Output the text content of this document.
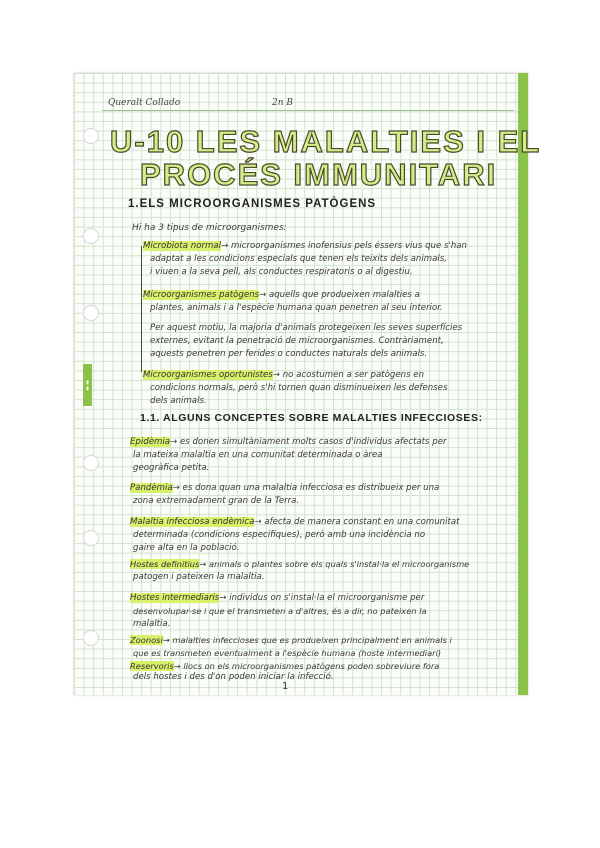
▮▮
Queralt Collado	2n B
U-10 LES MALALTIES I EL
PROCÉS IMMUNITARI
1.ELS MICROORGANISMES PATÒGENS
Hi ha 3 tipus de microorganismes:
Microbiota normal→ microorganismes inofensius pels éssers vius que s'han
adaptat a les condicions especials que tenen els teixits dels animals,
i viuen a la seva pell, als conductes respiratoris o al digestiu.
Microorganismes patògens→ aquells que produeixen malalties a
plantes, animals i a l'espècie humana quan penetren al seu interior.
Per aquest motiu, la majoria d'animals protegeixen les seves superfícies
externes, evitant la penetració de microorganismes. Contràriament,
aquests penetren per ferides o conductes naturals dels animals.
Microorganismes oportunistes→ no acostumen a ser patògens en
condicions normals, però s'hi tornen quan disminueixen les defenses
dels animals.
1.1. ALGUNS CONCEPTES SOBRE MALALTIES INFECCIOSES:
Epidèmia→ es donen simultàniament molts casos d'individus afectats per
la mateixa malaltia en una comunitat determinada o àrea
geogràfica petita.
Pandèmia→ es dona quan una malaltia infecciosa es distribueix per una
zona extremadament gran de la Terra.
Malaltia infecciosa endèmica→ afecta de manera constant en una comunitat
determinada (condicions específiques), però amb una incidència no
gaire alta en la població.
Hostes definitius→ animals o plantes sobre els quals s'instal·la el microorganisme
patogen i pateixen la malaltia.
Hostes intermediaris→ individus on s'instal·la el microorganisme per
desenvolupar-se i que el transmeten a d'altres, és a dir, no pateixen la
malaltia.
Zoonosi→ malalties infeccioses que es produeixen principalment en animals i
que es transmeten eventualment a l'espècie humana (hoste intermediari)
Reservoris→ llocs on els microorganismes patògens poden sobreviure fora
dels hostes i des d'on poden iniciar la infecció.
1
